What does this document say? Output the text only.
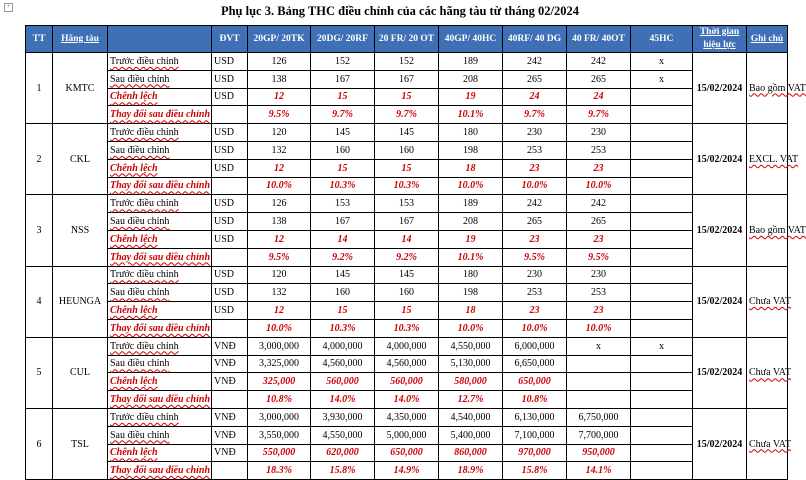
+	Phụ lục 3. Bảng THC điều chỉnh của các hãng tàu từ tháng 02/2024
TT	Hãng tàu		ĐVT	20GP/ 20TK	20DG/ 20RF	20 FR/ 20 OT	40GP/ 40HC	40RF/ 40 DG	40 FR/ 40OT	45HC	Thời gian hiệu lực	Ghi chú
1	KMTC	Trước điều chỉnh	USD	126	152	152	189	242	242	x	15/02/2024	Bao gồm VAT
		Sau điều chỉnh	USD	138	167	167	208	265	265	x		
		Chênh lệch	USD	12	15	15	19	24	24			
		Thay đổi sau điều chỉnh		9.5%	9.7%	9.7%	10.1%	9.7%	9.7%			
2	CKL	Trước điều chỉnh	USD	120	145	145	180	230	230		15/02/2024	EXCL. VAT
		Sau điều chỉnh	USD	132	160	160	198	253	253			
		Chênh lệch	USD	12	15	15	18	23	23			
		Thay đổi sau điều chỉnh		10.0%	10.3%	10.3%	10.0%	10.0%	10.0%			
3	NSS	Trước điều chỉnh	USD	126	153	153	189	242	242		15/02/2024	Bao gồm VAT
		Sau điều chỉnh	USD	138	167	167	208	265	265			
		Chênh lệch	USD	12	14	14	19	23	23			
		Thay đổi sau điều chỉnh		9.5%	9.2%	9.2%	10.1%	9.5%	9.5%			
4	HEUNGA	Trước điều chỉnh	USD	120	145	145	180	230	230		15/02/2024	Chưa VAT
		Sau điều chỉnh	USD	132	160	160	198	253	253			
		Chênh lệch	USD	12	15	15	18	23	23			
		Thay đổi sau điều chỉnh		10.0%	10.3%	10.3%	10.0%	10.0%	10.0%			
5	CUL	Trước điều chỉnh	VNĐ	3,000,000	4,000,000	4,000,000	4,550,000	6,000,000	x	x	15/02/2024	Chưa VAT
		Sau điều chỉnh	VNĐ	3,325,000	4,560,000	4,560,000	5,130,000	6,650,000				
		Chênh lệch	VNĐ	325,000	560,000	560,000	580,000	650,000				
		Thay đổi sau điều chỉnh		10.8%	14.0%	14.0%	12.7%	10.8%				
6	TSL	Trước điều chỉnh	VNĐ	3,000,000	3,930,000	4,350,000	4,540,000	6,130,000	6,750,000		15/02/2024	Chưa VAT
		Sau điều chỉnh	VNĐ	3,550,000	4,550,000	5,000,000	5,400,000	7,100,000	7,700,000			
		Chênh lệch	VNĐ	550,000	620,000	650,000	860,000	970,000	950,000			
		Thay đổi sau điều chỉnh		18.3%	15.8%	14.9%	18.9%	15.8%	14.1%			
